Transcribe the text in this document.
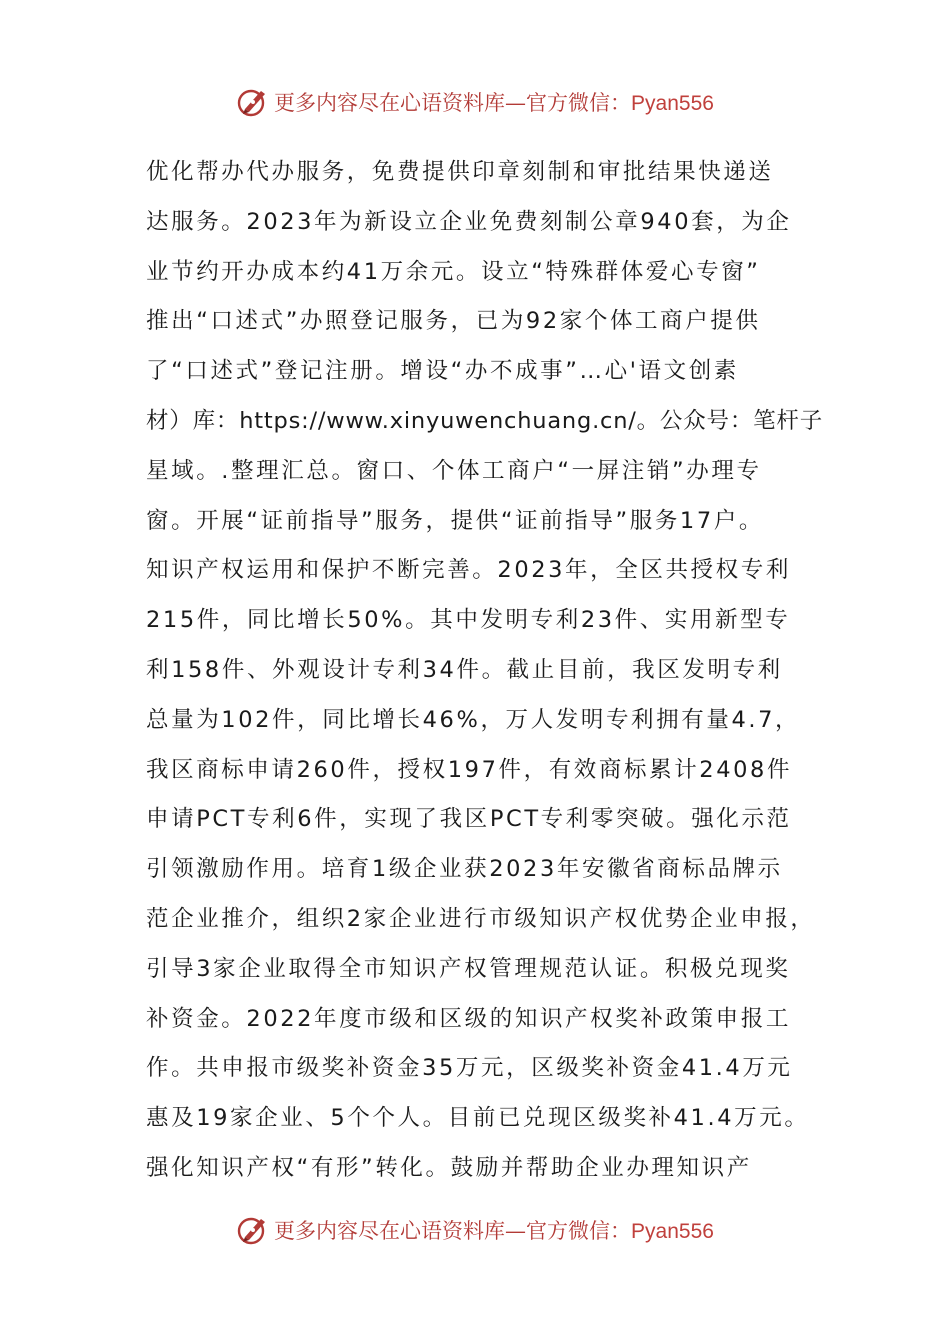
更多内容尽在心语资料库—官方微信：Pyan556
优化帮办代办服务，免费提供印章刻制和审批结果快递送
达服务。2023年为新设立企业免费刻制公章940套，为企
业节约开办成本约41万余元。设立“特殊群体爱心专窗”
推出“口述式”办照登记服务，已为92家个体工商户提供
了“口述式”登记注册。增设“办不成事”…心'语文创素
材）库：https://www.xinyuwenchuang.cn/。公众号：笔杆子
星域。.整理汇总。窗口、个体工商户“一屏注销”办理专
窗。开展“证前指导”服务，提供“证前指导”服务17户。
知识产权运用和保护不断完善。2023年，全区共授权专利
215件，同比增长50%。其中发明专利23件、实用新型专
利158件、外观设计专利34件。截止目前，我区发明专利
总量为102件，同比增长46%，万人发明专利拥有量4.7，
我区商标申请260件，授权197件，有效商标累计2408件
申请PCT专利6件，实现了我区PCT专利零突破。强化示范
引领激励作用。培育1级企业获2023年安徽省商标品牌示
范企业推介，组织2家企业进行市级知识产权优势企业申报，
引导3家企业取得全市知识产权管理规范认证。积极兑现奖
补资金。2022年度市级和区级的知识产权奖补政策申报工
作。共申报市级奖补资金35万元，区级奖补资金41.4万元
惠及19家企业、5个个人。目前已兑现区级奖补41.4万元。
强化知识产权“有形”转化。鼓励并帮助企业办理知识产
更多内容尽在心语资料库—官方微信：Pyan556
